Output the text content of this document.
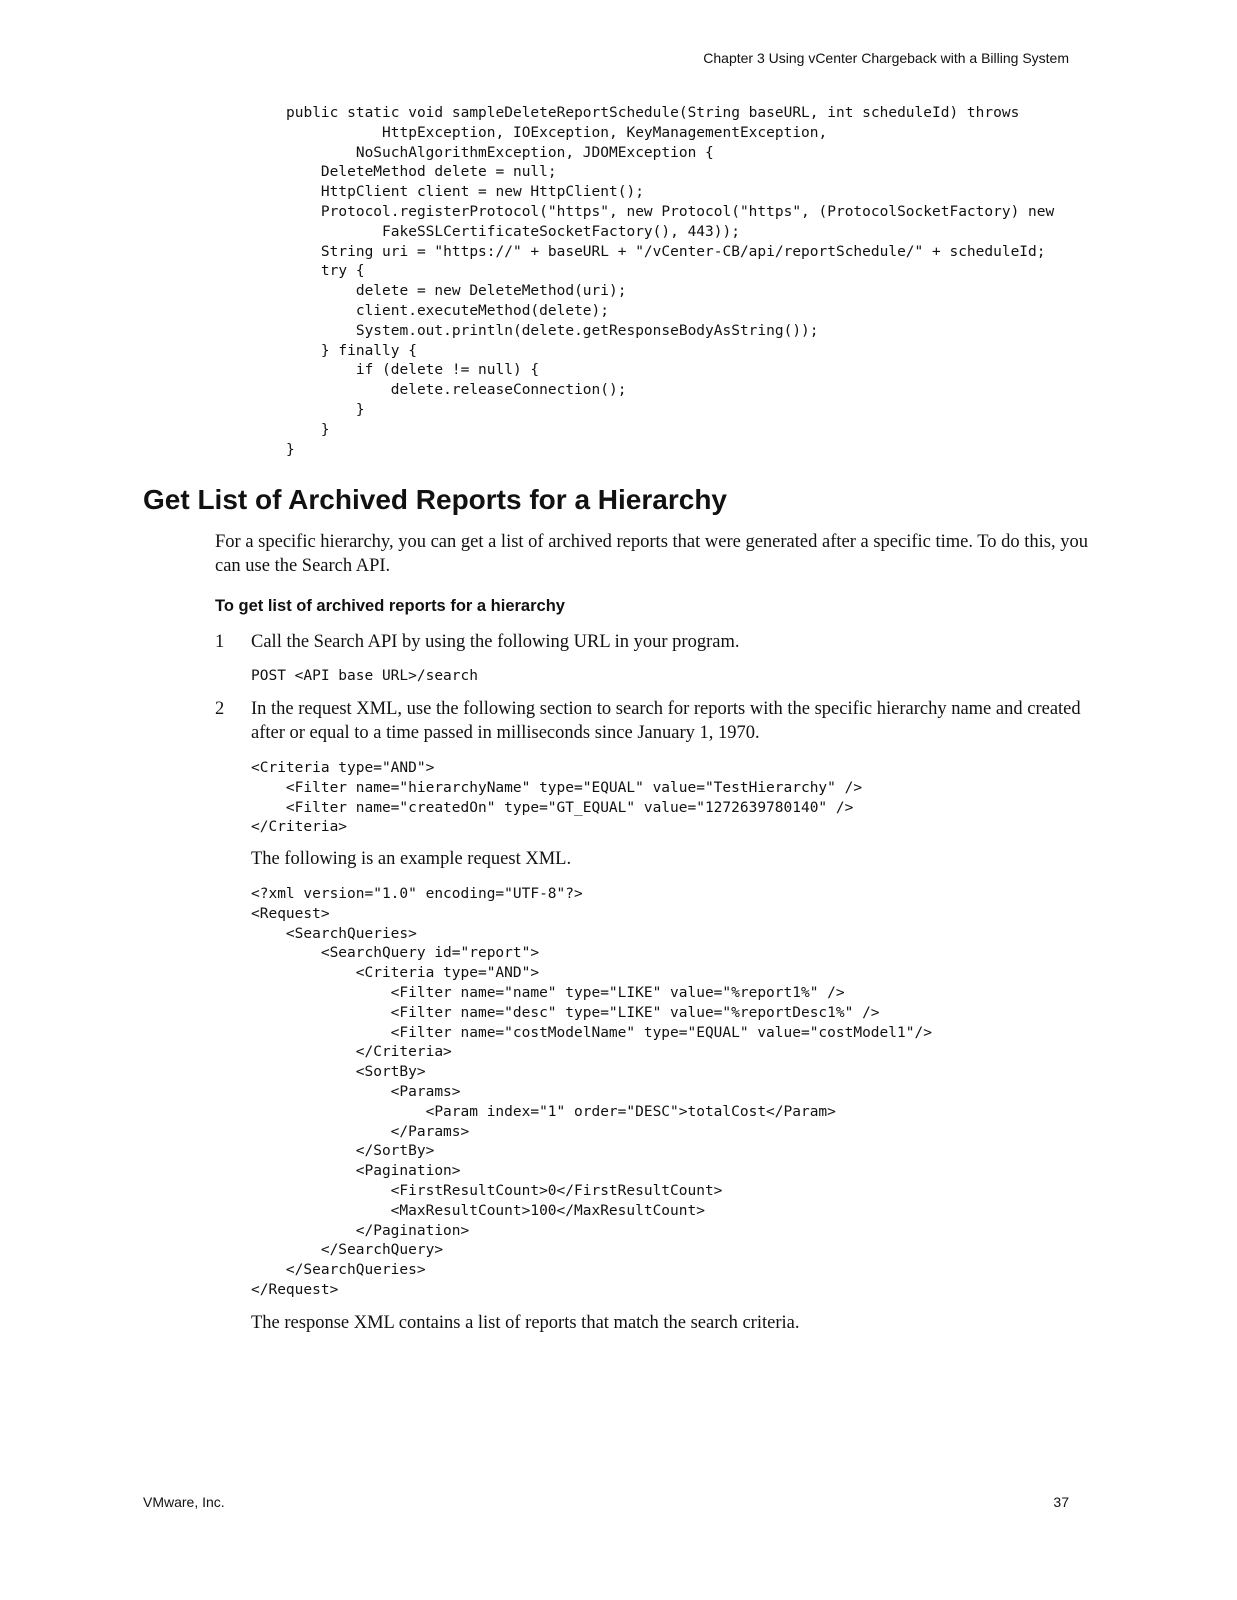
Chapter 3 Using vCenter Chargeback with a Billing System
public static void sampleDeleteReportSchedule(String baseURL, int scheduleId) throws
HttpException, IOException, KeyManagementException,
NoSuchAlgorithmException, JDOMException {
DeleteMethod delete = null;
HttpClient client = new HttpClient();
Protocol.registerProtocol("https", new Protocol("https", (ProtocolSocketFactory) new
FakeSSLCertificateSocketFactory(), 443));
String uri = "https://" + baseURL + "/vCenter-CB/api/reportSchedule/" + scheduleId;
try {
delete = new DeleteMethod(uri);
client.executeMethod(delete);
System.out.println(delete.getResponseBodyAsString());
} finally {
if (delete != null) {
delete.releaseConnection();
}
}
}
Get List of Archived Reports for a Hierarchy

For a specific hierarchy, you can get a list of archived reports that were generated after a specific time. To do this, you can use the Search API.

To get list of archived reports for a hierarchy
1 Call the Search API by using the following URL in your program.

POST <API base URL>/search
2 In the request XML, use the following section to search for reports with the specific hierarchy name and created after or equal to a time passed in milliseconds since January 1, 1970.

<Criteria type="AND">
<Filter name="hierarchyName" type="EQUAL" value="TestHierarchy" />
<Filter name="createdOn" type="GT_EQUAL" value="1272639780140" />
</Criteria>

The following is an example request XML.

<?xml version="1.0" encoding="UTF-8"?>
<Request>
<SearchQueries>
<SearchQuery id="report">
<Criteria type="AND">
<Filter name="name" type="LIKE" value="%report1%" />
<Filter name="desc" type="LIKE" value="%reportDesc1%" />
<Filter name="costModelName" type="EQUAL" value="costModel1"/>
</Criteria>
<SortBy>
<Params>
<Param index="1" order="DESC">totalCost</Param>
</Params>
</SortBy>
<Pagination>
<FirstResultCount>0</FirstResultCount>
<MaxResultCount>100</MaxResultCount>
</Pagination>
</SearchQuery>
</SearchQueries>
</Request>

The response XML contains a list of reports that match the search criteria.

VMware, Inc.	37
